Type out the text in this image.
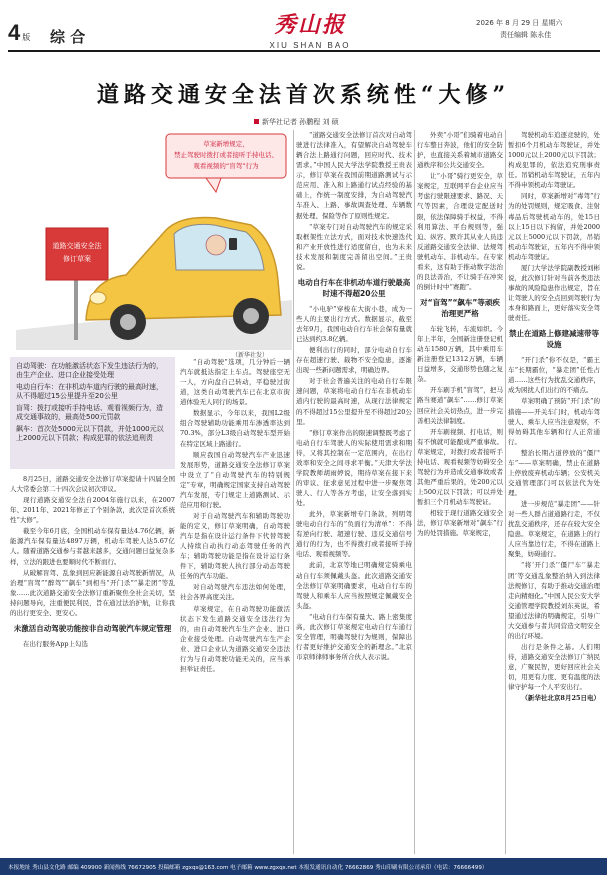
4 版 综 合	秀山报
XIU SHAN BAO
2026 年 8 月 29 日 星期六
责任编辑 陈永佳
道路交通安全法首次系统性“大修”
新华社记者 孙鹏程 刘 硕
道路交通安全法
修订草案
草案新增规定，
禁止驾驶时拨打或者接听手持电话、
观看视频的“盲驾”行为
（新华社发）

自动驾驶：在功能激活状态下发生违法行为的，由生产企业、进口企业接受处理

电动自行车：在非机动车道内行驶的最高时速，从不得超过15公里提升至20公里

盲驾：拨打或接听手持电话、观看视频行为，造成交通事故的，最高处500元罚款

飙车：首次处5000元以下罚款，并处1000元以上2000元以下罚款；构成犯罪的依法追刑责

8月25日，道路交通安全法修订草案提请十四届全国人大常委会第二十四次会议初次审议。

现行道路交通安全法自2004年施行以来，在2007年、2011年、2021年修正了个别条款，此次是首次系统性“大修”。

截至今年6月底，全国机动车保有量达4.76亿辆，新能源汽车保有量达4897万辆，机动车驾驶人达5.67亿人。随着道路交通参与者越来越多，交通问题日益复杂多样，立法的跟进也要顺时代不断而行。

从破解盲驾、乱象到回应新能源自动驾驶新情况，从治理“盲驾”“醉驾”“飙车”到相当“开门杀”“暴走团”等乱象……此次道路交通安全法修订重新聚焦全社会关切，坚持问题导向，注重便民利民，旨在通过法治护航，让你我的出行更安全、更安心。

未激活自动驾驶功能按非自动驾驶汽车规定管理

在出行服务App上勾选

“自动驾驶”选项，几分钟后一辆汽车就抵达指定上车点。驾驶座空无一人，方向盘自己转动，平稳驶过街道，这类自动驾驶汽车已在北京市街道体验无人同行的场景。

数据显示，今年以来，我国L2级组合驾驶辅助功能乘用车渗透率达到70.3%，部分L3级自动驾驶车型开始在特定区域上路通行。

顺应我国自动驾驶汽车产业迅速发展形势，道路交通安全法修订草案中设立了“自动驾驶汽车的特别规定”专章，明确规定国家支持自动驾驶汽车发展，专门规定上道路测试、示范应用和行驶。

对于自动驾驶汽车和辅助驾驶功能的定义，修订草案明确，自动驾驶汽车是指在设计运行条件下代替驾驶人持续自动执行动态驾驶任务的汽车；辅助驾驶功能是指在设计运行条件下，辅助驾驶人执行部分动态驾驶任务的汽车功能。

对自动驾驶汽车违法如何处理，社会各界高度关注。

草案规定，在自动驾驶功能激活状态下发生道路交通安全违法行为的，由自动驾驶汽车生产企业、进口企业接受处理。自动驾驶汽车生产企业、进口企业认为道路交通安全违法行为与自动驾驶功能无关的，应当承担举证责任。

“道路交通安全法修订首次对自动驾驶进行法律准入，有望解决自动驾驶车辆合法上路通行问题，回应时代、技术需求。”中国人民大学法学院教授王贵表示，修订草案在我国前期道路测试与示范应用、准入和上路通行试点经验的基础上，作统一制度安排，为自动驾驶汽车准入、上路、事故调查处理、车辆数据处理、保险等作了原则性规定。

“草案专门对自动驾驶汽车的规定采取框架性立法方式，面对技术快速迭代和产业开放性进行适度留白，也为未来技术发展和制度完善留出空间。”王贵说。

电动自行车在非机动车道行驶最高时速不得超20公里

“小电驴”穿梭在大街小巷，成为一些人的主要出行方式。数据显示，截至去年9月，我国电动自行车社会保有量就已达到约3.8亿辆。

便利出行的同时，部分电动自行车存在超速行驶、载物不安全隐患，逐渐出现一些新问题需求，明确边界。

对于社会普遍关注的电动自行车限速问题，草案将电动自行车在非机动车道内行驶的最高时速，从现行法律规定的不得超过15公里提升至不得超过20公里。

“修订草案作出的限速调整既考虑了电动自行车驾驶人的实际使用需求和期待，又将其控制在一定范围内，在出行效率和安全之间寻求平衡。”天津大学法学院教师胡雨婷说，期待草案在接下来的审议、征求意见过程中进一步聚焦驾驶人、行人等各方考虑，让安全落到实处。

此外，草案新增专门条款，列明驾驶电动自行车的“负面行为清单”：不得有逆向行驶、超速行驶、违反交通信号通行的行为，也不得拨打或者接听手持电话、观看视频等。

此前，北京等地已明确规定骑乘电动自行车须佩戴头盔。此次道路交通安全法修订草案明确要求，电动自行车的驾驶人和乘车人应当按照规定佩戴安全头盔。

“电动自行车保有量大、路上密集度高，此次修订草案规定电动自行车通行安全管理，明确驾驶行为规则，保障出行者更好维护交通安全的新理念。”北京市京师律师事务所合伙人表示说。

外卖“小哥”们骑着电动自行车整日奔波，他们的安全防护，也直接关系着城市道路交通秩序和公共交通安全。

让“小哥”骑行更安全，草案规定，互联网平台企业应当考虑行驶限速要求、路况、天气等因素，合理设定配送时限，依法保障骑手权益，不得利用算法、平台规则等，强迫、纵容、默许其从业人员违反道路交通安全法律、法规驾驶机动车、非机动车。在专家看来，这有助于推动数字法治的良法善治，不让骑手在冲突的倒计时中“赛跑”。

对“盲驾”“飙车”等顽疾治理更严格

车轮飞转，车流如织。今年上半年，全国新注册登记机动车1580万辆，其中乘用车新注册登记1312万辆，车辆日益增多，交通形势也随之复杂。

开车刷手机“盲驾”，把马路当赛道“飙车”……修订草案回应社会关切热点，进一步完善相关法律制度。

开车刷视频、打电话，则有不慎就可能酿成严重事故。草案规定，对拨打或者接听手持电话、观看视频等妨碍安全驾驶行为并造成交通事故或者其他严重后果的，处200元以上500元以下罚款；可以并处暂扣三个月机动车驾驶证。

相较于现行道路交通安全法，修订草案新增对“飙车”行为的处罚措施。草案规定，

驾驶机动车追逐竞驶的，处暂扣6个月机动车驾驶证，并处1000元以上2000元以下罚款；构成犯罪的，依法追究刑事责任。吊销机动车驾驶证，五年内不得申领机动车驾驶证。

同时，草案新增对“毒驾”行为的处罚规则，规定吸食、注射毒品后驾驶机动车的，处15日以上15日以下拘留，并处2000元以上5000元以下罚款，吊销机动车驾驶证，五年内不得申领机动车驾驶证。

厦门大学法学院副教授刘彬说，此次修订针对当前各类违法事故的风险隐患作出规定，旨在让驾驶人的安全点回到驾驶行为本身和路面上，更好落实安全驾驶责任。

禁止在道路上修建减速带等设施

“开门杀”你不仅是，“霸王车”长期霸位，“暴走团”任性占道……这些行为扰乱交通秩序，成为困扰人们出行的不痛点。

草案明确了预防“开门杀”的措施——开关车门时，机动车驾驶人、乘车人应当注意观察，不得妨碍其他车辆和行人正常通行。

整治长期占道停放的“僵尸车”——草案明确，禁止在道路上停放废弃机动车辆；公安机关交通管理部门可以依法代为处理。

进一步规范“暴走团”——针对一些人群占道通路行走，不仅扰乱交通秩序，还存在较大安全隐患。草案规定，在道路上的行人应当靠边行走，不得在道路上聚集，妨碍通行。

“将‘开门杀’‘僵尸车’‘暴走团’等交通乱象整治纳入到法律法规修订，有助于推动交通治理走向精细化。”中国人民公安大学交通管理学院教授刘东英说，希望通过法律的明确规定，引导广大交通参与者共同营造文明安全的出行环境。

出行是条件之基。人们期待，道路交通安全法修订广纳民意，广聚民智，更好回应社会关切，用更有力度、更有温度的法律守护每一个人平安出行。

（新华社北京8月25日电）

本报地址 秀山县文化路 邮编 409900 新闻热线 76672905 投稿邮箱 zgxqs@163.com 电子邮箱 www.zgxqs.net 本报发通讯自动化 76662869 秀山印刷有限公司承印（电话：76666499）
